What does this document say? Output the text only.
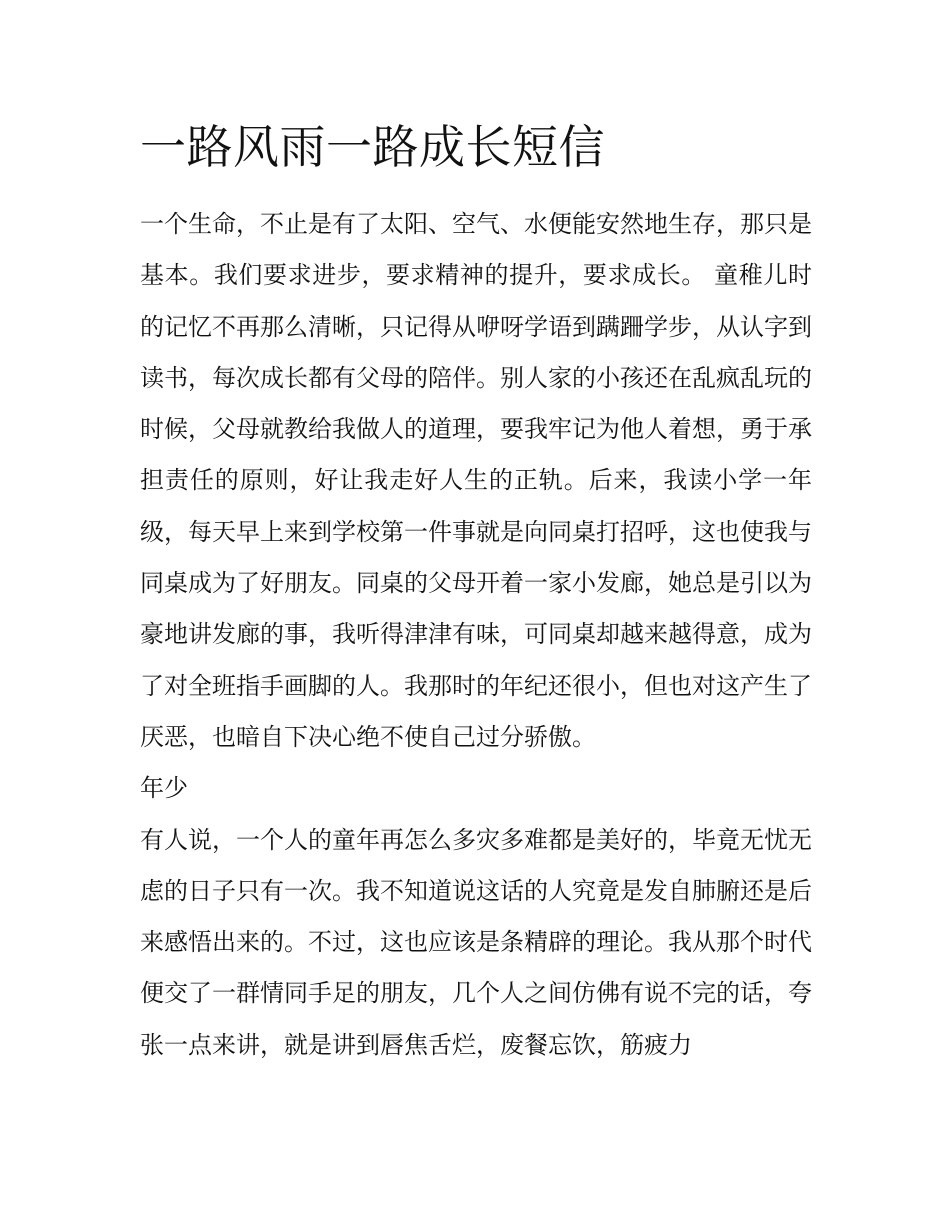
一路风雨一路成长短信

一个生命，不止是有了太阳、空气、水便能安然地生存，那只是基本。我们要求进步，要求精神的提升，要求成长。 童稚儿时的记忆不再那么清晰，只记得从咿呀学语到蹒跚学步，从认字到读书，每次成长都有父母的陪伴。别人家的小孩还在乱疯乱玩的时候，父母就教给我做人的道理，要我牢记为他人着想，勇于承担责任的原则，好让我走好人生的正轨。后来，我读小学一年级，每天早上来到学校第一件事就是向同桌打招呼，这也使我与同桌成为了好朋友。同桌的父母开着一家小发廊，她总是引以为豪地讲发廊的事，我听得津津有味，可同桌却越来越得意，成为了对全班指手画脚的人。我那时的年纪还很小，但也对这产生了厌恶，也暗自下决心绝不使自己过分骄傲。

年少

有人说，一个人的童年再怎么多灾多难都是美好的，毕竟无忧无虑的日子只有一次。我不知道说这话的人究竟是发自肺腑还是后来感悟出来的。不过，这也应该是条精辟的理论。我从那个时代便交了一群情同手足的朋友，几个人之间仿佛有说不完的话，夸张一点来讲，就是讲到唇焦舌烂，废餐忘饮，筋疲力
